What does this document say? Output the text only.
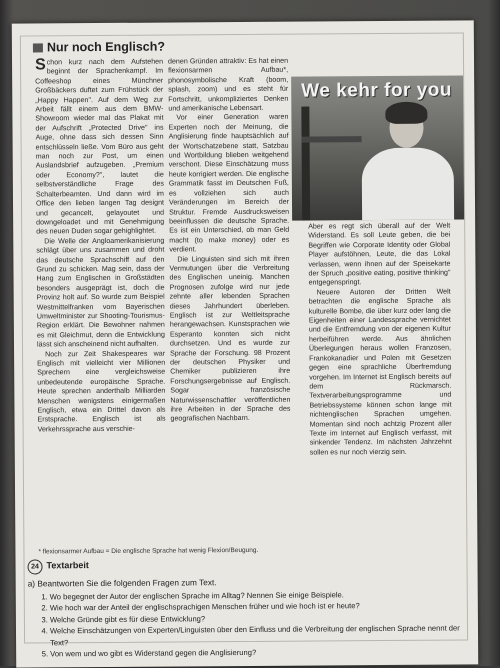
Nur noch Englisch?

Schon kurz nach dem Aufstehen beginnt der Sprachenkampf. Im Coffeeshop eines Münchner Großbäckers duftet zum Frühstück der „Happy Happen". Auf dem Weg zur Arbeit fällt einem aus dem BMW-Showroom wieder mal das Plakat mit der Aufschrift „Protected Drive" ins Auge, ohne dass sich dessen Sinn entschlüsseln ließe. Vom Büro aus geht man noch zur Post, um einen Auslandsbrief aufzugeben. „Premium oder Economy?", lautet die selbstverständliche Frage des Schalterbeamten. Und dann wird im Office den lieben langen Tag designt und gecancelt, gelayoutet und downgeloadet und mit Genehmigung des neuen Duden sogar gehighlightet.

Die Welle der Angloamerikanisierung schlägt über uns zusammen und droht das deutsche Sprachschiff auf den Grund zu schicken. Mag sein, dass der Hang zum Englischen in Großstädten besonders ausgeprägt ist, doch die Provinz holt auf. So wurde zum Beispiel Westmittelfranken vom Bayerischen Umweltminister zur Shooting-Tourismus-Region erklärt. Die Bewohner nahmen es mit Gleichmut, denn die Entwicklung lässt sich anscheinend nicht aufhalten.

Noch zur Zeit Shakespeares war Englisch mit vielleicht vier Millionen Sprechern eine vergleichsweise unbedeutende europäische Sprache. Heute sprechen anderthalb Milliarden Menschen wenigstens einigermaßen Englisch, etwa ein Drittel davon als Erstsprache. Englisch ist als Verkehrssprache aus verschie-

denen Gründen attraktiv: Es hat einen flexionsarmen Aufbau*, phonosymbolische Kraft (boom, splash, zoom) und es steht für Fortschritt, unkompliziertes Denken und amerikanische Lebensart.

Vor einer Generation waren Experten noch der Meinung, die Anglisierung finde hauptsächlich auf der Wortschatzebene statt, Satzbau und Wortbildung blieben weitgehend verschont. Diese Einschätzung muss heute korrigiert werden. Die englische Grammatik fasst im Deutschen Fuß, es vollziehen sich auch Veränderungen im Bereich der Struktur. Fremde Ausdrucksweisen beeinflussen die deutsche Sprache. Es ist ein Unterschied, ob man Geld macht (to make money) oder es verdient.

Die Linguisten sind sich mit ihren Vermutungen über die Verbreitung des Englischen uneinig. Manchen Prognosen zufolge wird nur jede zehnte aller lebenden Sprachen dieses Jahrhundert überleben. Englisch ist zur Weltleitsprache herangewachsen. Kunstsprachen wie Esperanto konnten sich nicht durchsetzen. Und es wurde zur Sprache der Forschung. 98 Prozent der deutschen Physiker und Chemiker publizieren ihre Forschungsergebnisse auf Englisch. Sogar französische Naturwissenschaftler veröffentlichen ihre Arbeiten in der Sprache des geografischen Nachbarn.

We kehr for you

Aber es regt sich überall auf der Welt Widerstand. Es soll Leute geben, die bei Begriffen wie Corporate Identity oder Global Player aufstöhnen, Leute, die das Lokal verlassen, wenn ihnen auf der Speisekarte der Spruch „positive eating, positive thinking" entgegenspringt.

Neuere Autoren der Dritten Welt betrachten die englische Sprache als kulturelle Bombe, die über kurz oder lang die Eigenheiten einer Landessprache vernichtet und die Entfremdung von der eigenen Kultur herbeiführen werde. Aus ähnlichen Überlegungen heraus wollen Franzosen, Frankokanadier und Polen mit Gesetzen gegen eine sprachliche Überfremdung vorgehen. Im Internet ist Englisch bereits auf dem Rückmarsch. Textverarbeitungsprogramme und Betriebssysteme können schon lange mit nichtenglischen Sprachen umgehen. Momentan sind noch achtzig Prozent aller Texte im Internet auf Englisch verfasst, mit sinkender Tendenz. Im nächsten Jahrzehnt sollen es nur noch vierzig sein.

* flexionsarmer Aufbau = Die englische Sprache hat wenig Flexion/Beugung.
24 Textarbeit
a) Beantworten Sie die folgenden Fragen zum Text.
1. Wo begegnet der Autor der englischen Sprache im Alltag? Nennen Sie einige Beispiele.
2. Wie hoch war der Anteil der englischsprachigen Menschen früher und wie hoch ist er heute?
3. Welche Gründe gibt es für diese Entwicklung?
4. Welche Einschätzungen von Experten/Linguisten über den Einfluss und die Verbreitung der englischen Sprache nennt der Text?
5. Von wem und wo gibt es Widerstand gegen die Anglisierung?
